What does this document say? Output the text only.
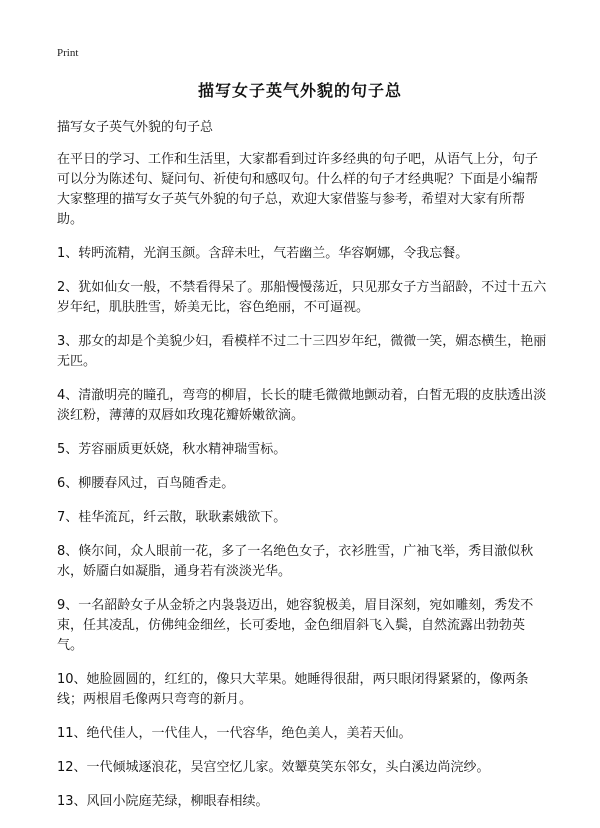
Print
描写女子英气外貌的句子总
描写女子英气外貌的句子总

在平日的学习、工作和生活里，大家都看到过许多经典的句子吧，从语气上分，句子可以分为陈述句、疑问句、祈使句和感叹句。什么样的句子才经典呢？下面是小编帮大家整理的描写女子英气外貌的句子总，欢迎大家借鉴与参考，希望对大家有所帮助。

1、转眄流精，光润玉颜。含辞未吐，气若幽兰。华容婀娜，令我忘餐。

2、犹如仙女一般，不禁看得呆了。那船慢慢荡近，只见那女子方当韶龄，不过十五六岁年纪，肌肤胜雪，娇美无比，容色绝丽，不可逼视。

3、那女的却是个美貌少妇，看模样不过二十三四岁年纪，微微一笑，媚态横生，艳丽无匹。

4、清澈明亮的瞳孔，弯弯的柳眉，长长的睫毛微微地颤动着，白皙无瑕的皮肤透出淡淡红粉，薄薄的双唇如玫瑰花瓣娇嫩欲滴。

5、芳容丽质更妖娆，秋水精神瑞雪标。

6、柳腰春风过，百鸟随香走。

7、桂华流瓦，纤云散，耿耿素娥欲下。

8、倏尔间，众人眼前一花，多了一名绝色女子，衣衫胜雪，广袖飞举，秀目澈似秋水，娇靥白如凝脂，通身若有淡淡光华。

9、一名韶龄女子从金轿之内袅袅迈出，她容貌极美，眉目深刻，宛如雕刻，秀发不束，任其凌乱，仿佛纯金细丝，长可委地，金色细眉斜飞入鬓，自然流露出勃勃英气。

10、她脸圆圆的，红红的，像只大苹果。她睡得很甜，两只眼闭得紧紧的，像两条线；两根眉毛像两只弯弯的新月。

11、绝代佳人，一代佳人，一代容华，绝色美人，美若天仙。

12、一代倾城逐浪花，吴宫空忆儿家。效颦莫笑东邻女，头白溪边尚浣纱。

13、风回小院庭芜绿，柳眼春相续。
